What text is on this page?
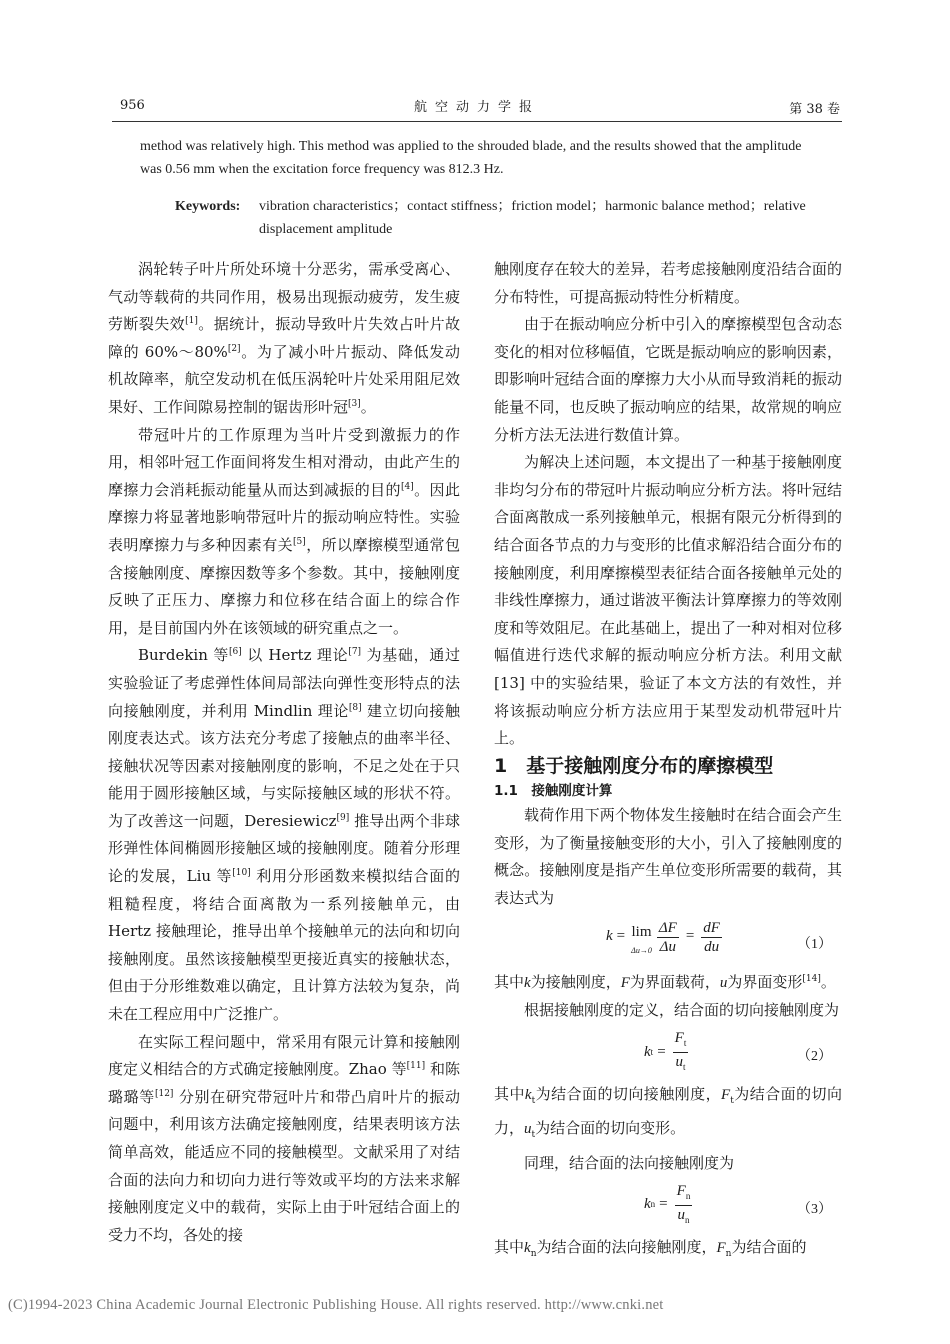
956	航空动力学报	第 38 卷
method was relatively high. This method was applied to the shrouded blade, and the results showed that the amplitude was 0.56 mm when the excitation force frequency was 812.3 Hz.
Keywords: vibration characteristics；contact stiffness；friction model；harmonic balance method；relative displacement amplitude

涡轮转子叶片所处环境十分恶劣，需承受离心、气动等载荷的共同作用，极易出现振动疲劳，发生疲劳断裂失效[1]。据统计，振动导致叶片失效占叶片故障的 60%～80%[2]。为了减小叶片振动、降低发动机故障率，航空发动机在低压涡轮叶片处采用阻尼效果好、工作间隙易控制的锯齿形叶冠[3]。

带冠叶片的工作原理为当叶片受到激振力的作用，相邻叶冠工作面间将发生相对滑动，由此产生的摩擦力会消耗振动能量从而达到减振的目的[4]。因此摩擦力将显著地影响带冠叶片的振动响应特性。实验表明摩擦力与多种因素有关[5]，所以摩擦模型通常包含接触刚度、摩擦因数等多个参数。其中，接触刚度反映了正压力、摩擦力和位移在结合面上的综合作用，是目前国内外在该领域的研究重点之一。

Burdekin 等[6] 以 Hertz 理论[7] 为基础，通过实验验证了考虑弹性体间局部法向弹性变形特点的法向接触刚度，并利用 Mindlin 理论[8] 建立切向接触刚度表达式。该方法充分考虑了接触点的曲率半径、接触状况等因素对接触刚度的影响，不足之处在于只能用于圆形接触区域，与实际接触区域的形状不符。为了改善这一问题，Deresiewicz[9] 推导出两个非球形弹性体间椭圆形接触区域的接触刚度。随着分形理论的发展，Liu 等[10] 利用分形函数来模拟结合面的粗糙程度，将结合面离散为一系列接触单元，由 Hertz 接触理论，推导出单个接触单元的法向和切向接触刚度。虽然该接触模型更接近真实的接触状态，但由于分形维数难以确定，且计算方法较为复杂，尚未在工程应用中广泛推广。

在实际工程问题中，常采用有限元计算和接触刚度定义相结合的方式确定接触刚度。Zhao 等[11] 和陈璐璐等[12] 分别在研究带冠叶片和带凸肩叶片的振动问题中，利用该方法确定接触刚度，结果表明该方法简单高效，能适应不同的接触模型。文献采用了对结合面的法向力和切向力进行等效或平均的方法来求解接触刚度定义中的载荷，实际上由于叶冠结合面上的受力不均，各处的接

触刚度存在较大的差异，若考虑接触刚度沿结合面的分布特性，可提高振动特性分析精度。

由于在振动响应分析中引入的摩擦模型包含动态变化的相对位移幅值，它既是振动响应的影响因素，即影响叶冠结合面的摩擦力大小从而导致消耗的振动能量不同，也反映了振动响应的结果，故常规的响应分析方法无法进行数值计算。

为解决上述问题，本文提出了一种基于接触刚度非均匀分布的带冠叶片振动响应分析方法。将叶冠结合面离散成一系列接触单元，根据有限元分析得到的结合面各节点的力与变形的比值求解沿结合面分布的接触刚度，利用摩擦模型表征结合面各接触单元处的非线性摩擦力，通过谐波平衡法计算摩擦力的等效刚度和等效阻尼。在此基础上，提出了一种对相对位移幅值进行迭代求解的振动响应分析方法。利用文献 [13] 中的实验结果，验证了本文方法的有效性，并将该振动响应分析方法应用于某型发动机带冠叶片上。

1　基于接触刚度分布的摩擦模型

1.1　接触刚度计算

载荷作用下两个物体发生接触时在结合面会产生变形，为了衡量接触变形的大小，引入了接触刚度的概念。接触刚度是指产生单位变形所需要的载荷，其表达式为

k = lim
$\Delta u\to 0 \frac{\Delta F}{\Delta u} = \frac{dF}{du}$	（1）

其中k为接触刚度，F为界面载荷，u为界面变形[14]。

根据接触刚度的定义，结合面的切向接触刚度为

k $t = \frac{F_t}{u_t}$	（2）

其中$k_t$为结合面的切向接触刚度，$F_t$为结合面的切向力，$u_t$为结合面的切向变形。

同理，结合面的法向接触刚度为

k $n = \frac{F_n}{u_n}$	（3）

其中$k_n$为结合面的法向接触刚度，$F_n$为结合面的

(C)1994-2023 China Academic Journal Electronic Publishing House. All rights reserved. http://www.cnki.net
